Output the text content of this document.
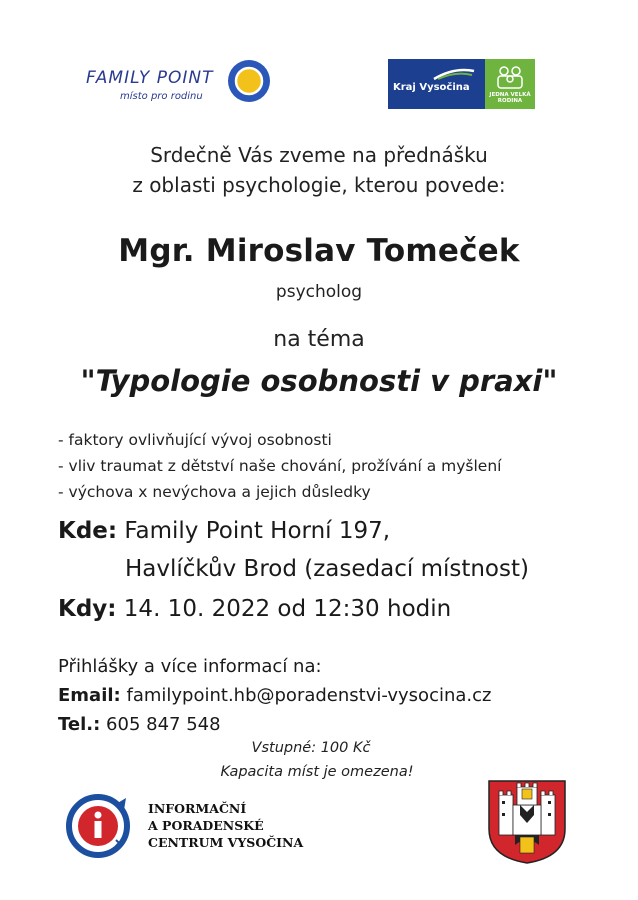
FAMILY POINT
místo pro rodinu
Kraj Vysočina
JEDNA VELKÁ
RODINA
Srdečně Vás zveme na přednášku
z oblasti psychologie, kterou povede:
Mgr. Miroslav Tomeček
psycholog
na téma
"Typologie osobnosti v praxi"
- faktory ovlivňující vývoj osobnosti
- vliv traumat z dětství naše chování, prožívání a myšlení
- výchova x nevýchova a jejich důsledky
Kde: Family Point Horní 197,
Havlíčkův Brod (zasedací místnost)
Kdy: 14. 10. 2022 od 12:30 hodin
Přihlášky a více informací na:
Email: familypoint.hb@poradenstvi-vysocina.cz
Tel.: 605 847 548
Vstupné: 100 Kč
Kapacita míst je omezena!
INFORMAČNÍ
A PORADENSKÉ
CENTRUM VYSOČINA
